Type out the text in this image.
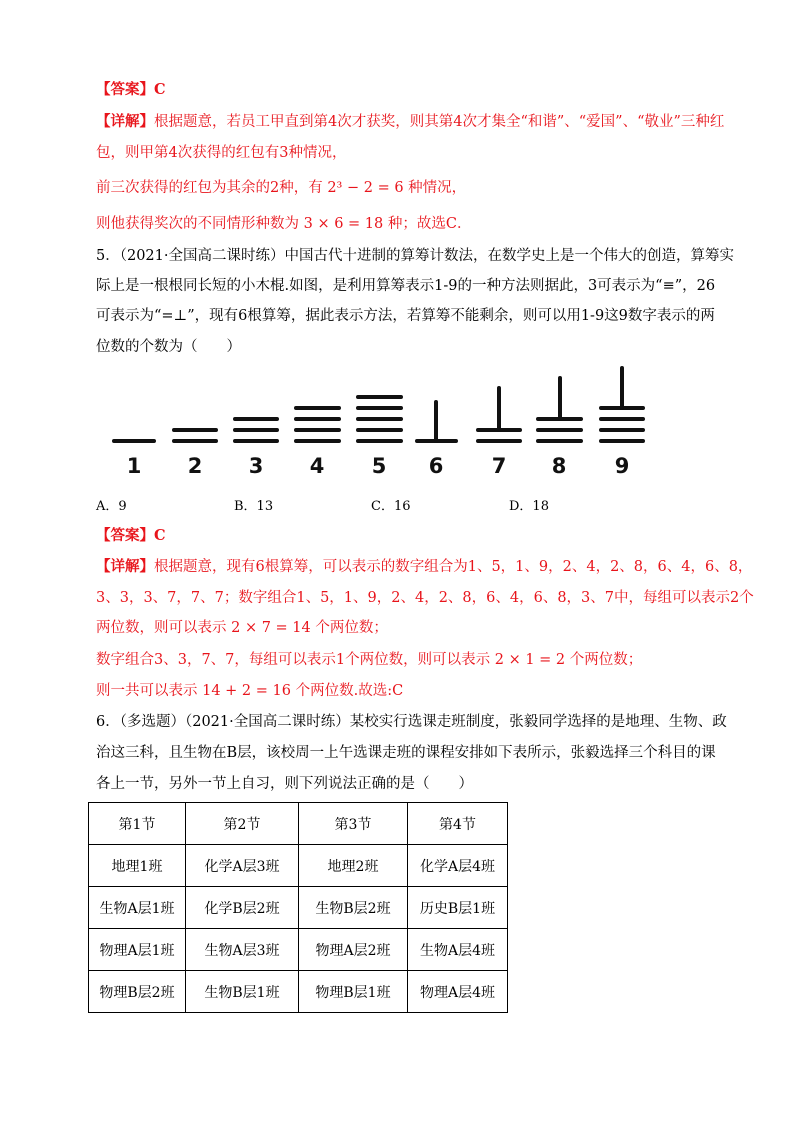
【答案】C
【详解】根据题意，若员工甲直到第4次才获奖，则其第4次才集全“和谐”、“爱国”、“敬业”三种红
包，则甲第4次获得的红包有3种情况，
前三次获得的红包为其余的2种，有 2³ − 2 = 6 种情况，
则他获得奖次的不同情形种数为 3 × 6 = 18 种；故选C．
5．（2021·全国高二课时练）中国古代十进制的算筹计数法，在数学史上是一个伟大的创造，算筹实
际上是一根根同长短的小木棍.如图，是利用算筹表示1-9的一种方法则据此，3可表示为“≡”，26
可表示为“=⊥”，现有6根算筹，据此表示方法，若算筹不能剩余，则可以用1-9这9数字表示的两
位数的个数为（　　）
1	2	3	4	5	6	7	8	9
A．9	B．13	C．16	D．18
【答案】C
【详解】根据题意，现有6根算筹，可以表示的数字组合为1、5，1、9，2、4，2、8，6、4，6、8，
3、3，3、7，7、7；数字组合1、5，1、9，2、4，2、8，6、4，6、8，3、7中，每组可以表示2个
两位数，则可以表示 2 × 7 = 14 个两位数；
数字组合3、3，7、7，每组可以表示1个两位数，则可以表示 2 × 1 = 2 个两位数；
则一共可以表示 14 + 2 = 16 个两位数.故选:C
6．（多选题）（2021·全国高二课时练）某校实行选课走班制度，张毅同学选择的是地理、生物、政
治这三科，且生物在B层，该校周一上午选课走班的课程安排如下表所示，张毅选择三个科目的课
各上一节，另外一节上自习，则下列说法正确的是（　　）
第1节	第2节	第3节	第4节
地理1班	化学A层3班	地理2班	化学A层4班
生物A层1班	化学B层2班	生物B层2班	历史B层1班
物理A层1班	生物A层3班	物理A层2班	生物A层4班
物理B层2班	生物B层1班	物理B层1班	物理A层4班
